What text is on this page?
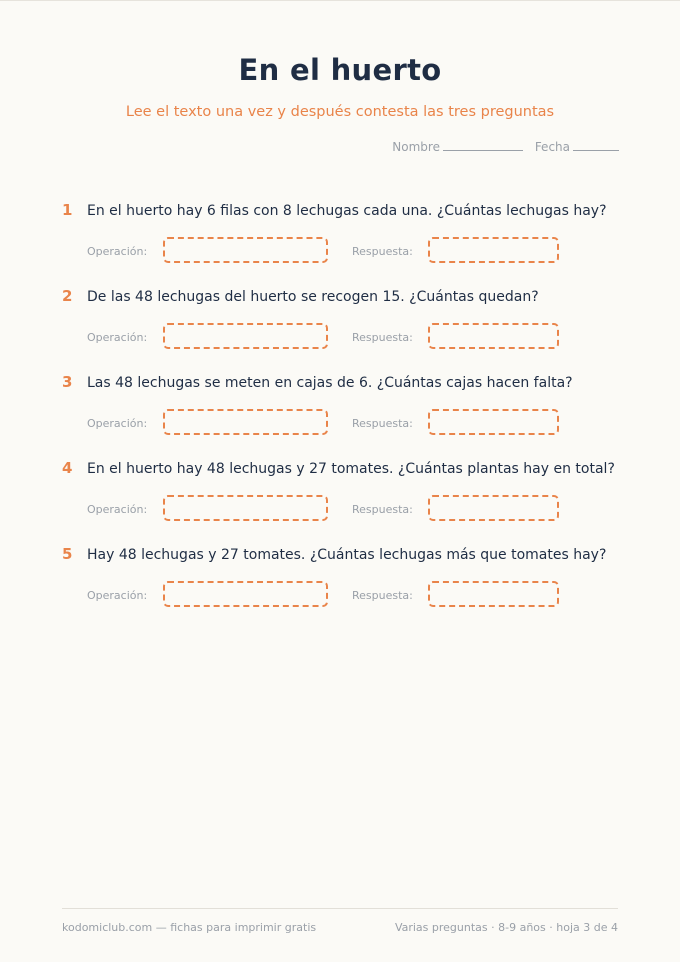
En el huerto
Lee el texto una vez y después contesta las tres preguntas
Nombre	Fecha
1	En el huerto hay 6 filas con 8 lechugas cada una. ¿Cuántas lechugas hay?
Operación:	Respuesta:
2	De las 48 lechugas del huerto se recogen 15. ¿Cuántas quedan?
Operación:	Respuesta:
3	Las 48 lechugas se meten en cajas de 6. ¿Cuántas cajas hacen falta?
Operación:	Respuesta:
4	En el huerto hay 48 lechugas y 27 tomates. ¿Cuántas plantas hay en total?
Operación:	Respuesta:
5	Hay 48 lechugas y 27 tomates. ¿Cuántas lechugas más que tomates hay?
Operación:	Respuesta:
kodomiclub.com — fichas para imprimir gratis	Varias preguntas · 8-9 años · hoja 3 de 4
